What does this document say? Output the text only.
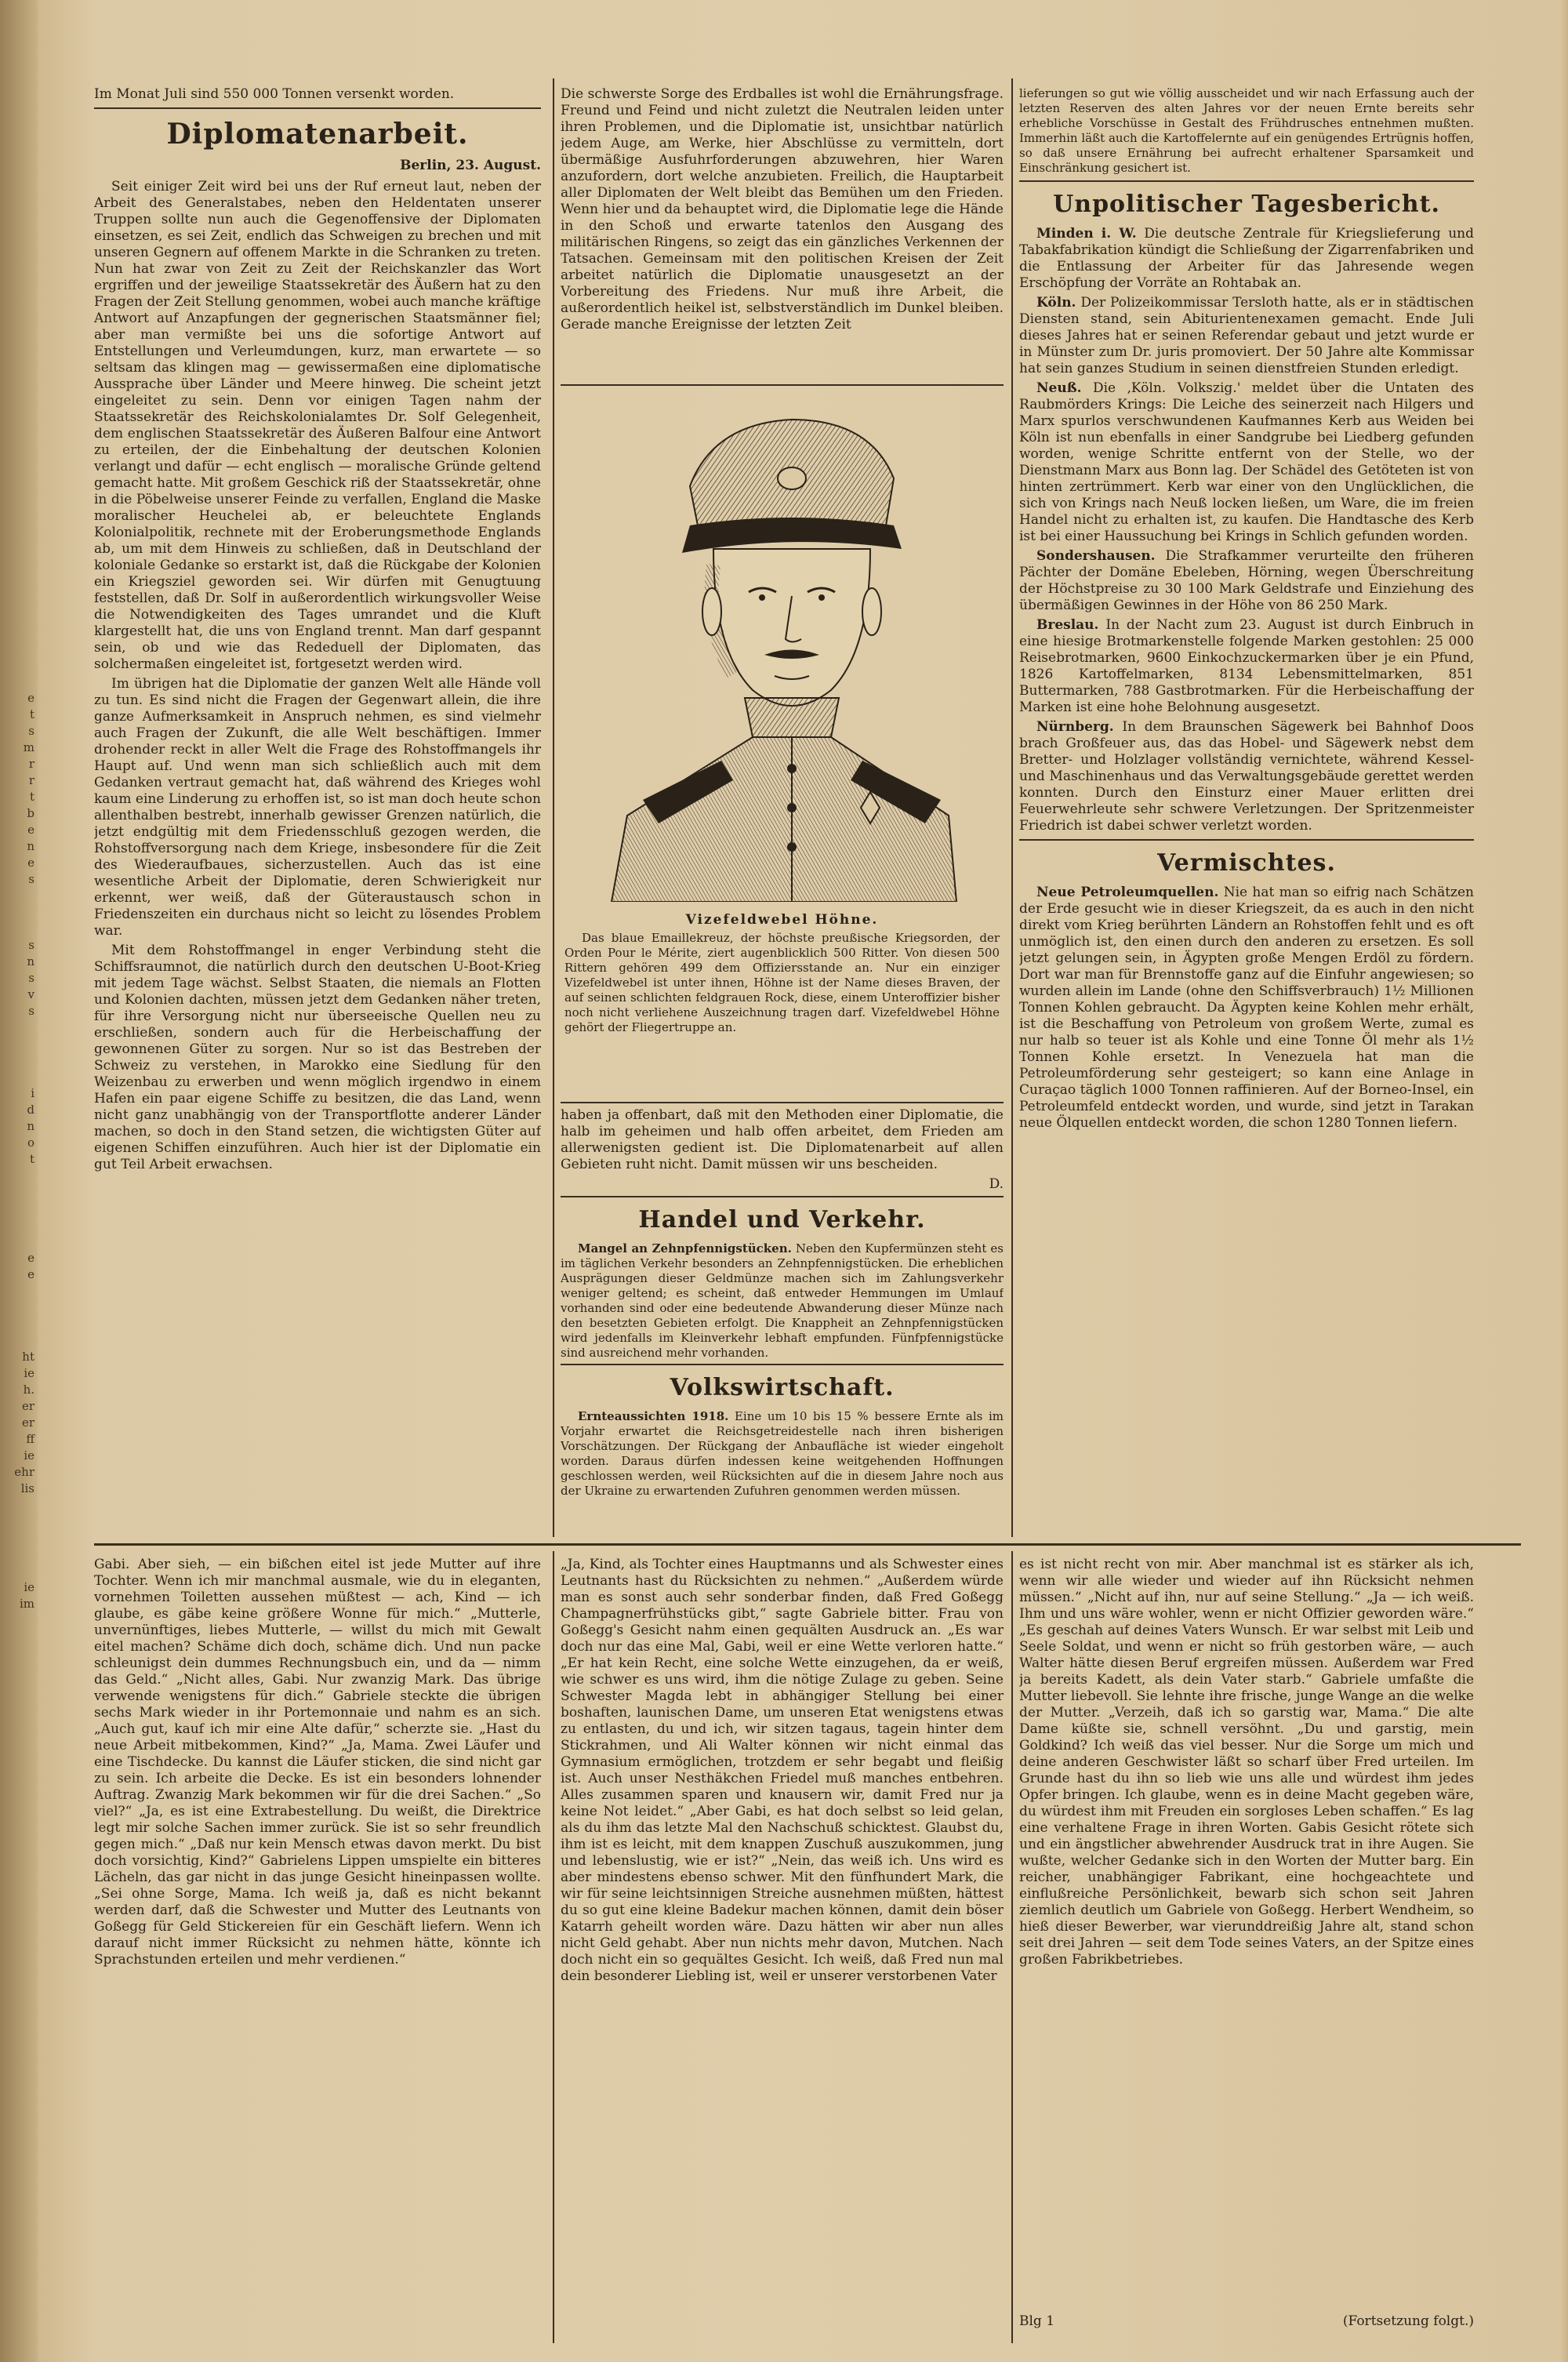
e
t
s
m
r
r
t
b
e
n
e
s

s
n
s
v
s

i
d
n
o
t

e
e

ht
ie
h.
er
er
ff
ie
ehr
lis

ie
im

Im Monat Juli sind 550 000 Tonnen versenkt worden.

Diplomatenarbeit.
Berlin, 23. August.

Seit einiger Zeit wird bei uns der Ruf erneut laut, neben der Arbeit des Generalstabes, neben den Heldentaten unserer Truppen sollte nun auch die Gegenoffensive der Diplomaten einsetzen, es sei Zeit, endlich das Schweigen zu brechen und mit unseren Gegnern auf offenem Markte in die Schranken zu treten. Nun hat zwar von Zeit zu Zeit der Reichskanzler das Wort ergriffen und der jeweilige Staatssekretär des Äußern hat zu den Fragen der Zeit Stellung genommen, wobei auch manche kräftige Antwort auf Anzapfungen der gegnerischen Staatsmänner fiel; aber man vermißte bei uns die sofortige Antwort auf Entstellungen und Verleumdungen, kurz, man erwartete — so seltsam das klingen mag — gewissermaßen eine diplomatische Aussprache über Länder und Meere hinweg. Die scheint jetzt eingeleitet zu sein. Denn vor einigen Tagen nahm der Staatssekretär des Reichskolonialamtes Dr. Solf Gelegenheit, dem englischen Staatssekretär des Äußeren Balfour eine Antwort zu erteilen, der die Einbehaltung der deutschen Kolonien verlangt und dafür — echt englisch — moralische Gründe geltend gemacht hatte. Mit großem Geschick riß der Staatssekretär, ohne in die Pöbelweise unserer Feinde zu verfallen, England die Maske moralischer Heuchelei ab, er beleuchtete Englands Kolonialpolitik, rechnete mit der Eroberungsmethode Englands ab, um mit dem Hinweis zu schließen, daß in Deutschland der koloniale Gedanke so erstarkt ist, daß die Rückgabe der Kolonien ein Kriegsziel geworden sei. Wir dürfen mit Genugtuung feststellen, daß Dr. Solf in außerordentlich wirkungsvoller Weise die Notwendigkeiten des Tages umrandet und die Kluft klargestellt hat, die uns von England trennt. Man darf gespannt sein, ob und wie das Rededuell der Diplomaten, das solchermaßen eingeleitet ist, fortgesetzt werden wird.

Im übrigen hat die Diplomatie der ganzen Welt alle Hände voll zu tun. Es sind nicht die Fragen der Gegenwart allein, die ihre ganze Aufmerksamkeit in Anspruch nehmen, es sind vielmehr auch Fragen der Zukunft, die alle Welt beschäftigen. Immer drohender reckt in aller Welt die Frage des Rohstoffmangels ihr Haupt auf. Und wenn man sich schließlich auch mit dem Gedanken vertraut gemacht hat, daß während des Krieges wohl kaum eine Linderung zu erhoffen ist, so ist man doch heute schon allenthalben bestrebt, innerhalb gewisser Grenzen natürlich, die jetzt endgültig mit dem Friedensschluß gezogen werden, die Rohstoffversorgung nach dem Kriege, insbesondere für die Zeit des Wiederaufbaues, sicherzustellen. Auch das ist eine wesentliche Arbeit der Diplomatie, deren Schwierigkeit nur erkennt, wer weiß, daß der Güteraustausch schon in Friedenszeiten ein durchaus nicht so leicht zu lösendes Problem war.

Mit dem Rohstoffmangel in enger Verbindung steht die Schiffsraumnot, die natürlich durch den deutschen U-Boot-Krieg mit jedem Tage wächst. Selbst Staaten, die niemals an Flotten und Kolonien dachten, müssen jetzt dem Gedanken näher treten, für ihre Versorgung nicht nur überseeische Quellen neu zu erschließen, sondern auch für die Herbeischaffung der gewonnenen Güter zu sorgen. Nur so ist das Bestreben der Schweiz zu verstehen, in Marokko eine Siedlung für den Weizenbau zu erwerben und wenn möglich irgendwo in einem Hafen ein paar eigene Schiffe zu besitzen, die das Land, wenn nicht ganz unabhängig von der Transportflotte anderer Länder machen, so doch in den Stand setzen, die wichtigsten Güter auf eigenen Schiffen einzuführen. Auch hier ist der Diplomatie ein gut Teil Arbeit erwachsen.

Die schwerste Sorge des Erdballes ist wohl die Ernährungsfrage. Freund und Feind und nicht zuletzt die Neutralen leiden unter ihren Problemen, und die Diplomatie ist, unsichtbar natürlich jedem Auge, am Werke, hier Abschlüsse zu vermitteln, dort übermäßige Ausfuhrforderungen abzuwehren, hier Waren anzufordern, dort welche anzubieten. Freilich, die Hauptarbeit aller Diplomaten der Welt bleibt das Bemühen um den Frieden. Wenn hier und da behauptet wird, die Diplomatie lege die Hände in den Schoß und erwarte tatenlos den Ausgang des militärischen Ringens, so zeigt das ein gänzliches Verkennen der Tatsachen. Gemeinsam mit den politischen Kreisen der Zeit arbeitet natürlich die Diplomatie unausgesetzt an der Vorbereitung des Friedens. Nur muß ihre Arbeit, die außerordentlich heikel ist, selbstverständlich im Dunkel bleiben. Gerade manche Ereignisse der letzten Zeit

Vizefeldwebel Höhne.

Das blaue Emaillekreuz, der höchste preußische Kriegsorden, der Orden Pour le Mérite, ziert augenblicklich 500 Ritter. Von diesen 500 Rittern gehören 499 dem Offiziersstande an. Nur ein einziger Vizefeldwebel ist unter ihnen, Höhne ist der Name dieses Braven, der auf seinen schlichten feldgrauen Rock, diese, einem Unteroffizier bisher noch nicht verliehene Auszeichnung tragen darf. Vizefeldwebel Höhne gehört der Fliegertruppe an.

haben ja offenbart, daß mit den Methoden einer Diplomatie, die halb im geheimen und halb offen arbeitet, dem Frieden am allerwenigsten gedient ist. Die Diplomatenarbeit auf allen Gebieten ruht nicht. Damit müssen wir uns bescheiden.

D.
Handel und Verkehr.

Mangel an Zehnpfennigstücken. Neben den Kupfermünzen steht es im täglichen Verkehr besonders an Zehnpfennigstücken. Die erheblichen Ausprägungen dieser Geldmünze machen sich im Zahlungsverkehr weniger geltend; es scheint, daß entweder Hemmungen im Umlauf vorhanden sind oder eine bedeutende Abwanderung dieser Münze nach den besetzten Gebieten erfolgt. Die Knappheit an Zehnpfennigstücken wird jedenfalls im Kleinverkehr lebhaft empfunden. Fünfpfennigstücke sind ausreichend mehr vorhanden.

Volkswirtschaft.

Ernteaussichten 1918. Eine um 10 bis 15 % bessere Ernte als im Vorjahr erwartet die Reichsgetreidestelle nach ihren bisherigen Vorschätzungen. Der Rückgang der Anbaufläche ist wieder eingeholt worden. Daraus dürfen indessen keine weitgehenden Hoffnungen geschlossen werden, weil Rücksichten auf die in diesem Jahre noch aus der Ukraine zu erwartenden Zufuhren genommen werden müssen.

lieferungen so gut wie völlig ausscheidet und wir nach Erfassung auch der letzten Reserven des alten Jahres vor der neuen Ernte bereits sehr erhebliche Vorschüsse in Gestalt des Frühdrusches entnehmen mußten. Immerhin läßt auch die Kartoffelernte auf ein genügendes Ertrügnis hoffen, so daß unsere Ernährung bei aufrecht erhaltener Sparsamkeit und Einschränkung gesichert ist.

Unpolitischer Tagesbericht.

Minden i. W. Die deutsche Zentrale für Kriegslieferung und Tabakfabrikation kündigt die Schließung der Zigarrenfabriken und die Entlassung der Arbeiter für das Jahresende wegen Erschöpfung der Vorräte an Rohtabak an.

Köln. Der Polizeikommissar Tersloth hatte, als er in städtischen Diensten stand, sein Abiturientenexamen gemacht. Ende Juli dieses Jahres hat er seinen Referendar gebaut und jetzt wurde er in Münster zum Dr. juris promoviert. Der 50 Jahre alte Kommissar hat sein ganzes Studium in seinen dienstfreien Stunden erledigt.

Neuß. Die ‚Köln. Volkszig.' meldet über die Untaten des Raubmörders Krings: Die Leiche des seinerzeit nach Hilgers und Marx spurlos verschwundenen Kaufmannes Kerb aus Weiden bei Köln ist nun ebenfalls in einer Sandgrube bei Liedberg gefunden worden, wenige Schritte entfernt von der Stelle, wo der Dienstmann Marx aus Bonn lag. Der Schädel des Getöteten ist von hinten zertrümmert. Kerb war einer von den Unglücklichen, die sich von Krings nach Neuß locken ließen, um Ware, die im freien Handel nicht zu erhalten ist, zu kaufen. Die Handtasche des Kerb ist bei einer Haussuchung bei Krings in Schlich gefunden worden.

Sondershausen. Die Strafkammer verurteilte den früheren Pächter der Domäne Ebeleben, Hörning, wegen Überschreitung der Höchstpreise zu 30 100 Mark Geldstrafe und Einziehung des übermäßigen Gewinnes in der Höhe von 86 250 Mark.

Breslau. In der Nacht zum 23. August ist durch Einbruch in eine hiesige Brotmarkenstelle folgende Marken gestohlen: 25 000 Reisebrotmarken, 9600 Einkochzuckermarken über je ein Pfund, 1826 Kartoffelmarken, 8134 Lebensmittelmarken, 851 Buttermarken, 788 Gastbrotmarken. Für die Herbeischaffung der Marken ist eine hohe Belohnung ausgesetzt.

Nürnberg. In dem Braunschen Sägewerk bei Bahnhof Doos brach Großfeuer aus, das das Hobel- und Sägewerk nebst dem Bretter- und Holzlager vollständig vernichtete, während Kessel- und Maschinenhaus und das Verwaltungsgebäude gerettet werden konnten. Durch den Einsturz einer Mauer erlitten drei Feuerwehrleute sehr schwere Verletzungen. Der Spritzenmeister Friedrich ist dabei schwer verletzt worden.

Vermischtes.

Neue Petroleumquellen. Nie hat man so eifrig nach Schätzen der Erde gesucht wie in dieser Kriegszeit, da es auch in den nicht direkt vom Krieg berührten Ländern an Rohstoffen fehlt und es oft unmöglich ist, den einen durch den anderen zu ersetzen. Es soll jetzt gelungen sein, in Ägypten große Mengen Erdöl zu fördern. Dort war man für Brennstoffe ganz auf die Einfuhr angewiesen; so wurden allein im Lande (ohne den Schiffsverbrauch) 1½ Millionen Tonnen Kohlen gebraucht. Da Ägypten keine Kohlen mehr erhält, ist die Beschaffung von Petroleum von großem Werte, zumal es nur halb so teuer ist als Kohle und eine Tonne Öl mehr als 1½ Tonnen Kohle ersetzt. In Venezuela hat man die Petroleumförderung sehr gesteigert; so kann eine Anlage in Curaçao täglich 1000 Tonnen raffinieren. Auf der Borneo-Insel, ein Petroleumfeld entdeckt worden, und wurde, sind jetzt in Tarakan neue Ölquellen entdeckt worden, die schon 1280 Tonnen liefern.

Gabi. Aber sieh, — ein bißchen eitel ist jede Mutter auf ihre Tochter. Wenn ich mir manchmal ausmale, wie du in eleganten, vornehmen Toiletten aussehen müßtest — ach, Kind — ich glaube, es gäbe keine größere Wonne für mich.“ „Mutterle, unvernünftiges, liebes Mutterle, — willst du mich mit Gewalt eitel machen? Schäme dich doch, schäme dich. Und nun packe schleunigst dein dummes Rechnungsbuch ein, und da — nimm das Geld.“ „Nicht alles, Gabi. Nur zwanzig Mark. Das übrige verwende wenigstens für dich.“ Gabriele steckte die übrigen sechs Mark wieder in ihr Portemonnaie und nahm es an sich. „Auch gut, kauf ich mir eine Alte dafür,“ scherzte sie. „Hast du neue Arbeit mitbekommen, Kind?“ „Ja, Mama. Zwei Läufer und eine Tischdecke. Du kannst die Läufer sticken, die sind nicht gar zu sein. Ich arbeite die Decke. Es ist ein besonders lohnender Auftrag. Zwanzig Mark bekommen wir für die drei Sachen.“ „So viel?“ „Ja, es ist eine Extrabestellung. Du weißt, die Direktrice legt mir solche Sachen immer zurück. Sie ist so sehr freundlich gegen mich.“ „Daß nur kein Mensch etwas davon merkt. Du bist doch vorsichtig, Kind?“ Gabrielens Lippen umspielte ein bitteres Lächeln, das gar nicht in das junge Gesicht hineinpassen wollte. „Sei ohne Sorge, Mama. Ich weiß ja, daß es nicht bekannt werden darf, daß die Schwester und Mutter des Leutnants von Goßegg für Geld Stickereien für ein Geschäft liefern. Wenn ich darauf nicht immer Rücksicht zu nehmen hätte, könnte ich Sprachstunden erteilen und mehr verdienen.“

„Ja, Kind, als Tochter eines Hauptmanns und als Schwester eines Leutnants hast du Rücksichten zu nehmen.“ „Außerdem würde man es sonst auch sehr sonderbar finden, daß Fred Goßegg Champagnerfrühstücks gibt,“ sagte Gabriele bitter. Frau von Goßegg's Gesicht nahm einen gequälten Ausdruck an. „Es war doch nur das eine Mal, Gabi, weil er eine Wette verloren hatte.“ „Er hat kein Recht, eine solche Wette einzugehen, da er weiß, wie schwer es uns wird, ihm die nötige Zulage zu geben. Seine Schwester Magda lebt in abhängiger Stellung bei einer boshaften, launischen Dame, um unseren Etat wenigstens etwas zu entlasten, du und ich, wir sitzen tagaus, tagein hinter dem Stickrahmen, und Ali Walter können wir nicht einmal das Gymnasium ermöglichen, trotzdem er sehr begabt und fleißig ist. Auch unser Nesthäkchen Friedel muß manches entbehren. Alles zusammen sparen und knausern wir, damit Fred nur ja keine Not leidet.“ „Aber Gabi, es hat doch selbst so leid gelan, als du ihm das letzte Mal den Nachschuß schicktest. Glaubst du, ihm ist es leicht, mit dem knappen Zuschuß auszukommen, jung und lebenslustig, wie er ist?“ „Nein, das weiß ich. Uns wird es aber mindestens ebenso schwer. Mit den fünfhundert Mark, die wir für seine leichtsinnigen Streiche ausnehmen müßten, hättest du so gut eine kleine Badekur machen können, damit dein böser Katarrh geheilt worden wäre. Dazu hätten wir aber nun alles nicht Geld gehabt. Aber nun nichts mehr davon, Mutchen. Nach doch nicht ein so gequältes Gesicht. Ich weiß, daß Fred nun mal dein besonderer Liebling ist, weil er unserer verstorbenen Vater

es ist nicht recht von mir. Aber manchmal ist es stärker als ich, wenn wir alle wieder und wieder auf ihn Rücksicht nehmen müssen.“ „Nicht auf ihn, nur auf seine Stellung.“ „Ja — ich weiß. Ihm und uns wäre wohler, wenn er nicht Offizier geworden wäre.“ „Es geschah auf deines Vaters Wunsch. Er war selbst mit Leib und Seele Soldat, und wenn er nicht so früh gestorben wäre, — auch Walter hätte diesen Beruf ergreifen müssen. Außerdem war Fred ja bereits Kadett, als dein Vater starb.“ Gabriele umfaßte die Mutter liebevoll. Sie lehnte ihre frische, junge Wange an die welke der Mutter. „Verzeih, daß ich so garstig war, Mama.“ Die alte Dame küßte sie, schnell versöhnt. „Du und garstig, mein Goldkind? Ich weiß das viel besser. Nur die Sorge um mich und deine anderen Geschwister läßt so scharf über Fred urteilen. Im Grunde hast du ihn so lieb wie uns alle und würdest ihm jedes Opfer bringen. Ich glaube, wenn es in deine Macht gegeben wäre, du würdest ihm mit Freuden ein sorgloses Leben schaffen.“ Es lag eine verhaltene Frage in ihren Worten. Gabis Gesicht rötete sich und ein ängstlicher abwehrender Ausdruck trat in ihre Augen. Sie wußte, welcher Gedanke sich in den Worten der Mutter barg. Ein reicher, unabhängiger Fabrikant, eine hochgeachtete und einflußreiche Persönlichkeit, bewarb sich schon seit Jahren ziemlich deutlich um Gabriele von Goßegg. Herbert Wendheim, so hieß dieser Bewerber, war vierunddreißig Jahre alt, stand schon seit drei Jahren — seit dem Tode seines Vaters, an der Spitze eines großen Fabrikbetriebes.

Blg 1	(Fortsetzung folgt.)
